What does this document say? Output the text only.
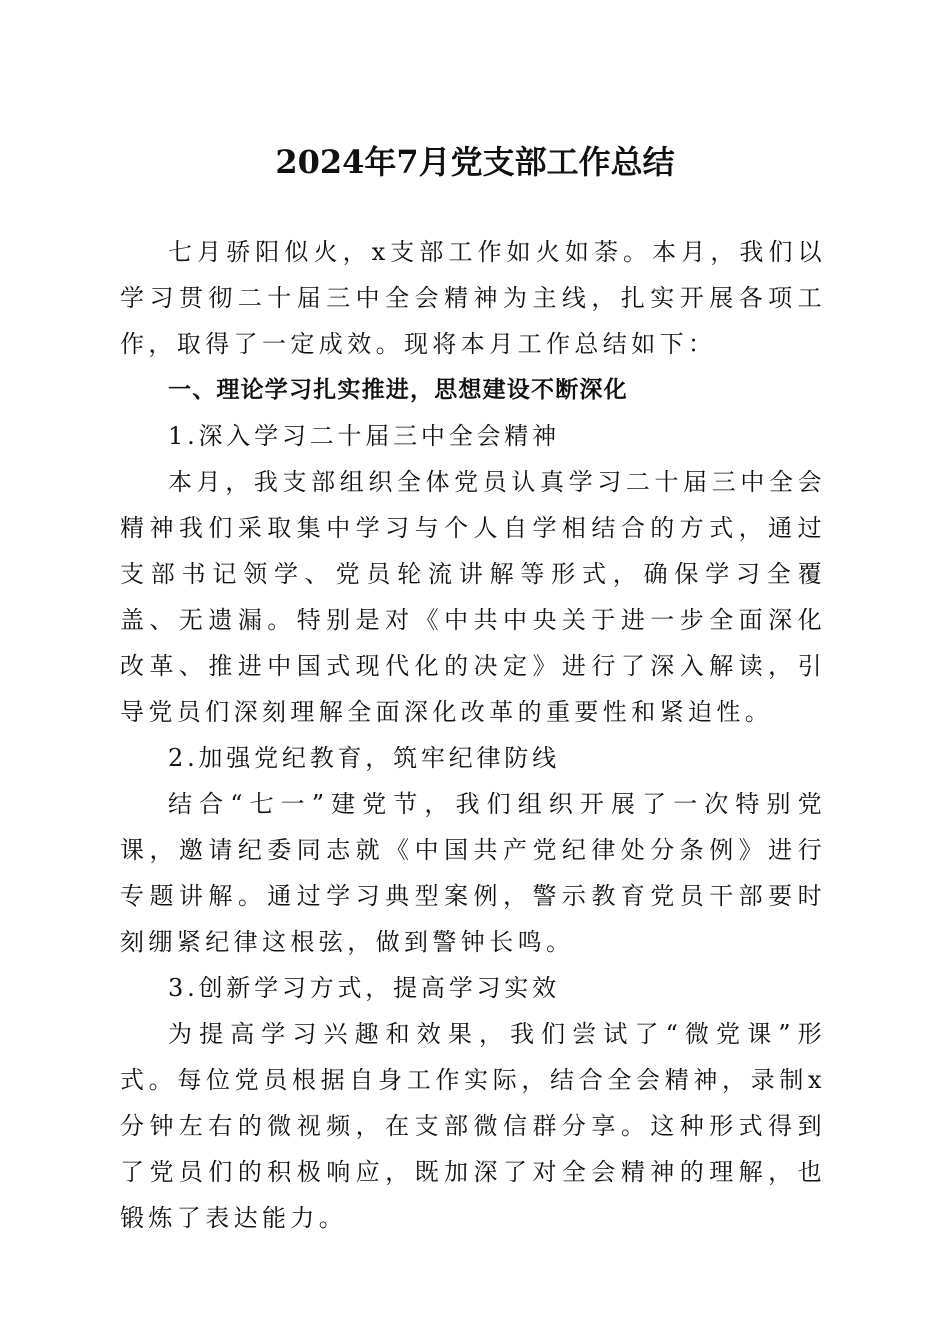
2024年7月党支部工作总结

七月骄阳似火，x支部工作如火如荼。本月，我们以学习贯彻二十届三中全会精神为主线，扎实开展各项工作，取得了一定成效。现将本月工作总结如下：

一、理论学习扎实推进，思想建设不断深化

1.深入学习二十届三中全会精神

本月，我支部组织全体党员认真学习二十届三中全会精神我们采取集中学习与个人自学相结合的方式，通过支部书记领学、党员轮流讲解等形式，确保学习全覆盖、无遗漏。特别是对《中共中央关于进一步全面深化改革、推进中国式现代化的决定》进行了深入解读，引导党员们深刻理解全面深化改革的重要性和紧迫性。

2.加强党纪教育，筑牢纪律防线

结合“七一”建党节，我们组织开展了一次特别党课，邀请纪委同志就《中国共产党纪律处分条例》进行专题讲解。通过学习典型案例，警示教育党员干部要时刻绷紧纪律这根弦，做到警钟长鸣。

3.创新学习方式，提高学习实效

为提高学习兴趣和效果，我们尝试了“微党课”形式。每位党员根据自身工作实际，结合全会精神，录制x分钟左右的微视频，在支部微信群分享。这种形式得到了党员们的积极响应，既加深了对全会精神的理解，也锻炼了表达能力。
